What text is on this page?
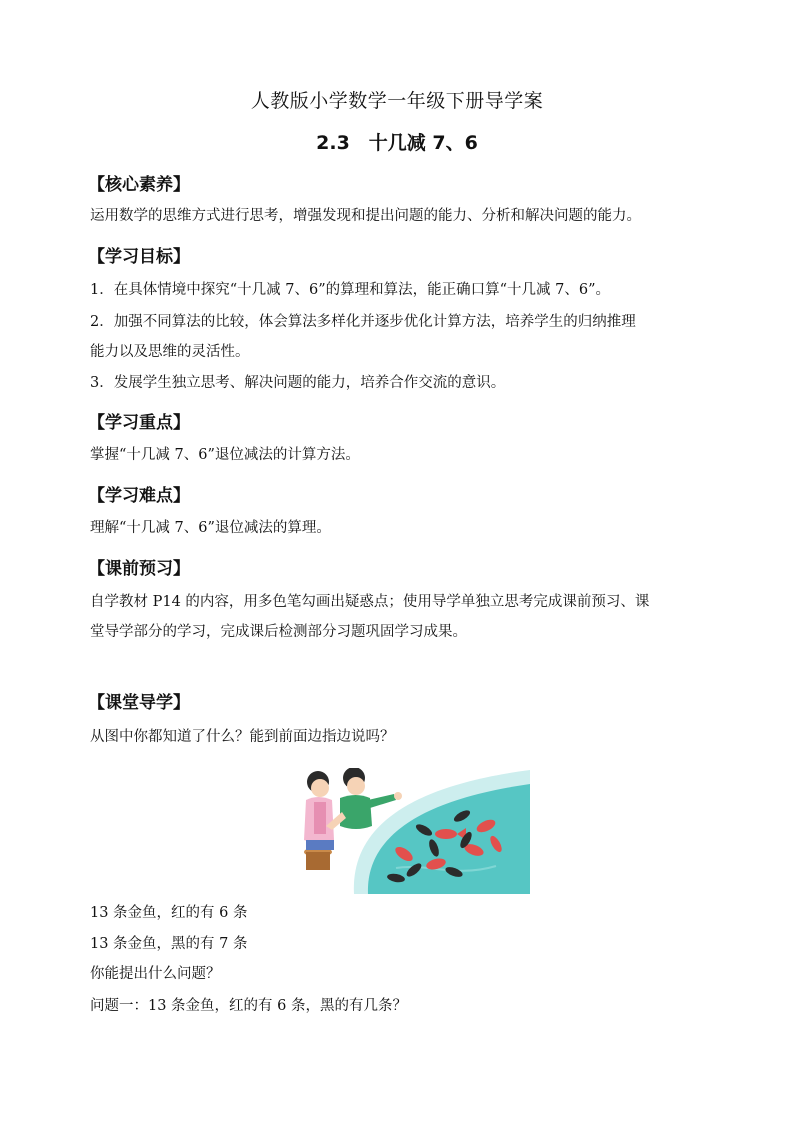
人教版小学数学一年级下册导学案
2.3　十几减 7、6
【核心素养】
运用数学的思维方式进行思考，增强发现和提出问题的能力、分析和解决问题的能力。
【学习目标】
1．在具体情境中探究“十几减 7、6”的算理和算法，能正确口算“十几减 7、6”。
2．加强不同算法的比较，体会算法多样化并逐步优化计算方法，培养学生的归纳推理
能力以及思维的灵活性。
3．发展学生独立思考、解决问题的能力，培养合作交流的意识。
【学习重点】
掌握“十几减 7、6”退位减法的计算方法。
【学习难点】
理解“十几减 7、6”退位减法的算理。
【课前预习】
自学教材 P14 的内容，用多色笔勾画出疑惑点；使用导学单独立思考完成课前预习、课
堂导学部分的学习，完成课后检测部分习题巩固学习成果。
【课堂导学】
从图中你都知道了什么？能到前面边指边说吗？
13 条金鱼，红的有 6 条
13 条金鱼，黑的有 7 条
你能提出什么问题？
问题一：13 条金鱼，红的有 6 条，黑的有几条？
